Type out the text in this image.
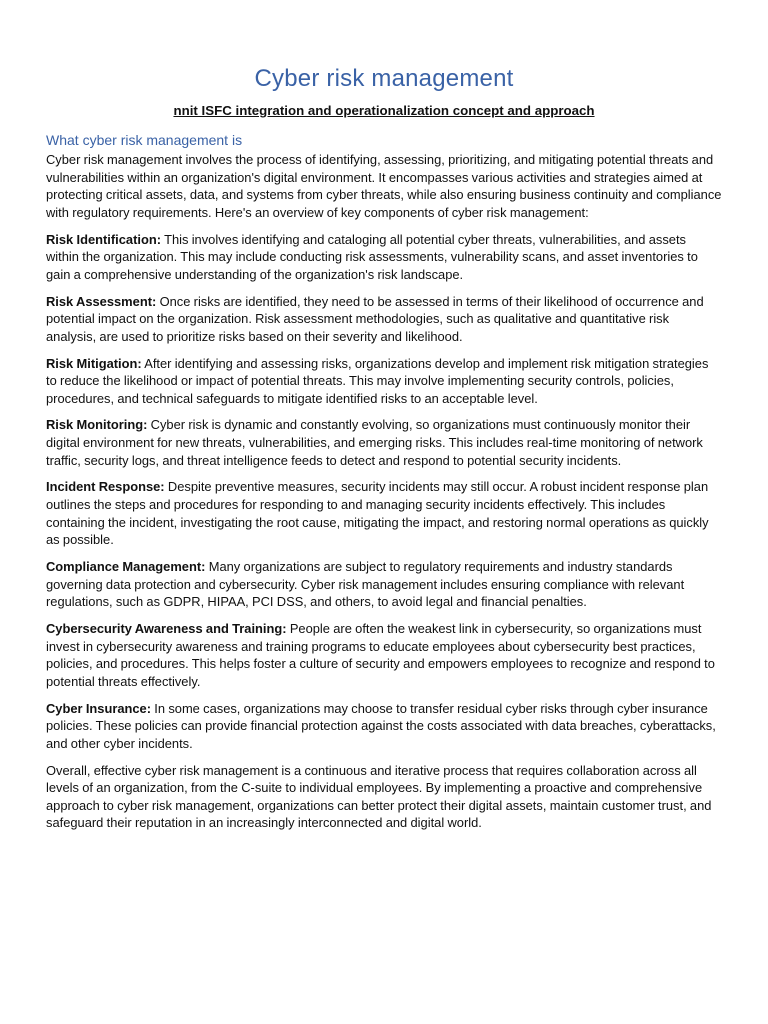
Cyber risk management

nnit ISFC integration and operationalization concept and approach

What cyber risk management is

Cyber risk management involves the process of identifying, assessing, prioritizing, and mitigating potential threats and vulnerabilities within an organization's digital environment. It encompasses various activities and strategies aimed at protecting critical assets, data, and systems from cyber threats, while also ensuring business continuity and compliance with regulatory requirements. Here's an overview of key components of cyber risk management:

Risk Identification: This involves identifying and cataloging all potential cyber threats, vulnerabilities, and assets within the organization. This may include conducting risk assessments, vulnerability scans, and asset inventories to gain a comprehensive understanding of the organization's risk landscape.

Risk Assessment: Once risks are identified, they need to be assessed in terms of their likelihood of occurrence and potential impact on the organization. Risk assessment methodologies, such as qualitative and quantitative risk analysis, are used to prioritize risks based on their severity and likelihood.

Risk Mitigation: After identifying and assessing risks, organizations develop and implement risk mitigation strategies to reduce the likelihood or impact of potential threats. This may involve implementing security controls, policies, procedures, and technical safeguards to mitigate identified risks to an acceptable level.

Risk Monitoring: Cyber risk is dynamic and constantly evolving, so organizations must continuously monitor their digital environment for new threats, vulnerabilities, and emerging risks. This includes real-time monitoring of network traffic, security logs, and threat intelligence feeds to detect and respond to potential security incidents.

Incident Response: Despite preventive measures, security incidents may still occur. A robust incident response plan outlines the steps and procedures for responding to and managing security incidents effectively. This includes containing the incident, investigating the root cause, mitigating the impact, and restoring normal operations as quickly as possible.

Compliance Management: Many organizations are subject to regulatory requirements and industry standards governing data protection and cybersecurity. Cyber risk management includes ensuring compliance with relevant regulations, such as GDPR, HIPAA, PCI DSS, and others, to avoid legal and financial penalties.

Cybersecurity Awareness and Training: People are often the weakest link in cybersecurity, so organizations must invest in cybersecurity awareness and training programs to educate employees about cybersecurity best practices, policies, and procedures. This helps foster a culture of security and empowers employees to recognize and respond to potential threats effectively.

Cyber Insurance: In some cases, organizations may choose to transfer residual cyber risks through cyber insurance policies. These policies can provide financial protection against the costs associated with data breaches, cyberattacks, and other cyber incidents.

Overall, effective cyber risk management is a continuous and iterative process that requires collaboration across all levels of an organization, from the C-suite to individual employees. By implementing a proactive and comprehensive approach to cyber risk management, organizations can better protect their digital assets, maintain customer trust, and safeguard their reputation in an increasingly interconnected and digital world.
